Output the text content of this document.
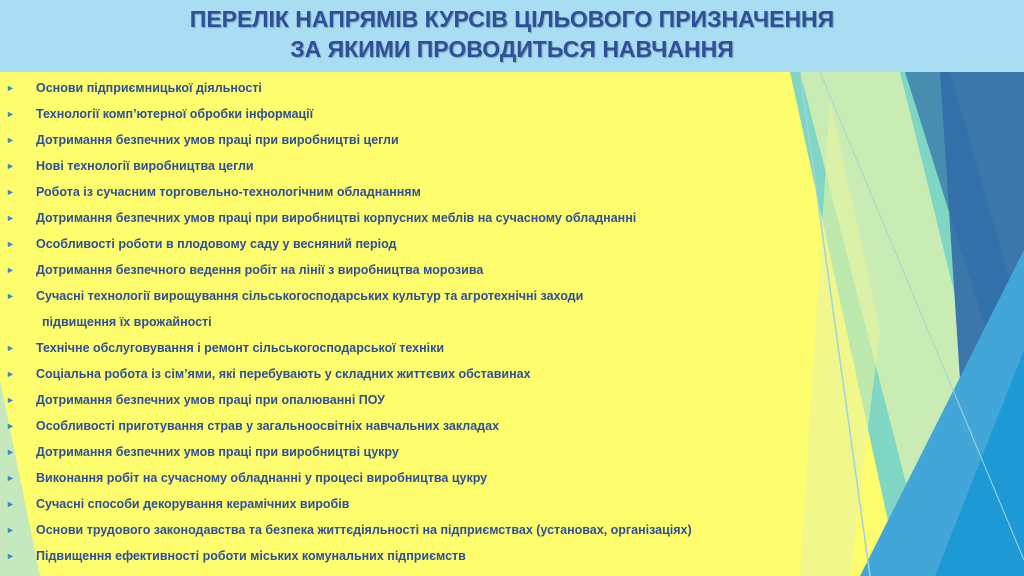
ПЕРЕЛІК НАПРЯМІВ КУРСІВ ЦІЛЬОВОГО ПРИЗНАЧЕННЯ
ЗА ЯКИМИ ПРОВОДИТЬСЯ НАВЧАННЯ
► Основи підприємницької діяльності
► Технології комп’ютерної обробки інформації
► Дотримання безпечних умов праці при виробництві цегли
► Нові технології виробництва цегли
► Робота із сучасним торговельно-технологічним обладнанням
► Дотримання безпечних умов праці при виробництві корпусних меблів на сучасному обладнанні
► Особливості роботи в плодовому саду у весняний період
► Дотримання безпечного ведення робіт на лінії з виробництва морозива
► Сучасні технології вирощування сільськогосподарських культур та агротехнічні заходи
підвищення їх врожайності
► Технічне обслуговування і ремонт сільськогосподарської техніки
► Соціальна робота із сім’ями, які перебувають у складних життєвих обставинах
► Дотримання безпечних умов праці при опалюванні ПОУ
► Особливості приготування страв у загальноосвітніх навчальних закладах
► Дотримання безпечних умов праці при виробництві цукру
► Виконання робіт на сучасному обладнанні у процесі виробництва цукру
► Сучасні способи декорування керамічних виробів
► Основи трудового законодавства та безпека життєдіяльності на підприємствах (установах, організаціях)
► Підвищення ефективності роботи міських комунальних підприємств
